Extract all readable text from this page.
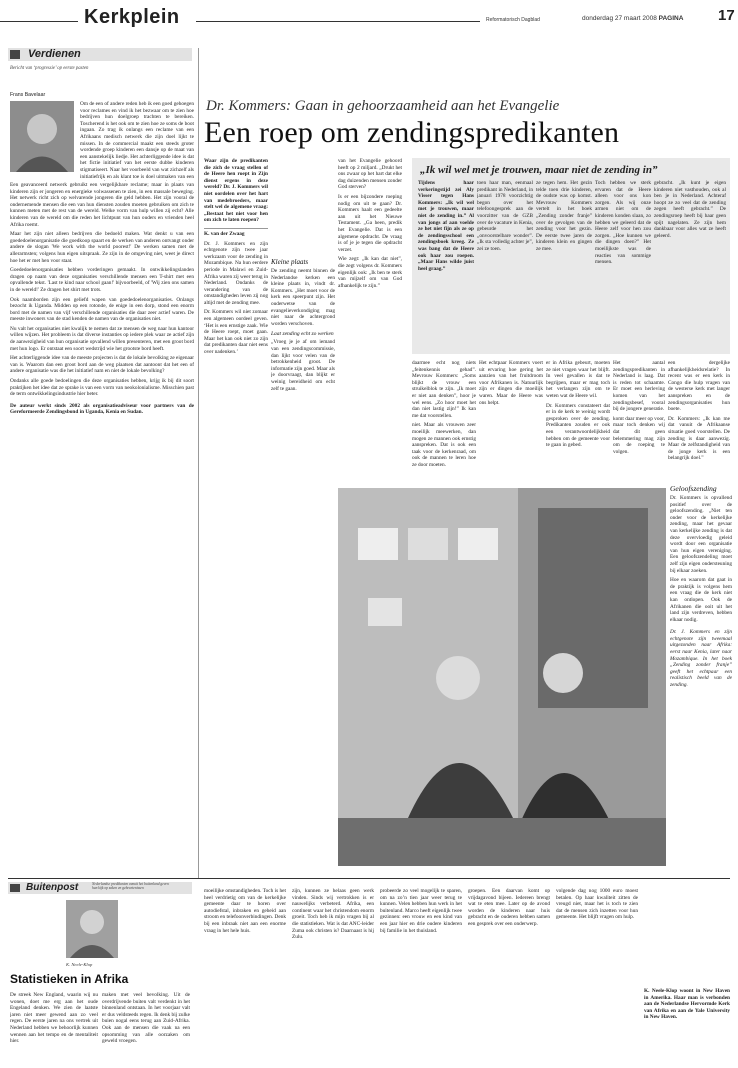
Kerkplein	Reformatorisch Dagblad	donderdag 27 maart 2008 PAGINA 17
Verdienen
Bericht van ‘progressie’ op eerste pasten
Frans Bavelaar

Om de een of andere reden heb ik een goed gehoegen voor reclames en vind ik het bezwaar om te zien hoe bedrijven hun doelgroep trachten te bereiken. Toscherend is het ook om te zien hoe ze soms de boot ingaan. Zo trag ik onlangs een reclame van een Afrikaans medisch netwerk die zijn doel lijkt te missen. In de commercial maakt een steeds groter wordende groep kinderen een dansje op de maat van een aanstekelijk liedje. Het achterliggende idee is dat het fictie initiatief van het eerste dubbe kinderen stigmatiseert. Naar het voorbeeld van wat zichzelf als initiatiefrijk en als klant toe is doel uitmaken van een

Een geavanceerd netwerk gebruikt een vergelijkbare reclame; maar in plaats van kinderen zijn er jongeren en energieke volwassenen te zien, in een massale beweging. Het netwerk richt zich op welvarende jongeren die geld hebben. Het zijn vooral de ondernemende mensen die een van hun diensten zouden moeten gebruiken om zich te kunnen meten met de rest van de wereld. Welke vorm van hulp willen zij echt? Alle kinderen van de wereld om die reden het lichtpunt van hun ouders en vrienden heel Afrika roemt.

Maar het zijn niet alleen bedrijven die bedoeld maken. Wat denkt u van een goededoelenorganisatie die goedkoop spaart en de werken van anderen ontvangt onder andere de slogan 'We work with the world poorest!' De werken samen met de allerarmsten; volgens hun eigen uitspraak. Ze zijn in de omgeving niet, weet je direct hoe het er met hen voor staat.

Goededoelenorganisaties hebben vorderingen gemaakt. In ontwikkelingslanden dragen op naam van deze organisaties verschillende mensen een T-shirt met een opvallende tekst. 'Last te kind naar school gaan!' bijvoorbeeld, of 'Wij zien ons samen in de wereld!' Ze dragen het shirt met trots.

Ook naamborden zijn een geliefd wapen van goededoelenorganisaties. Onlangs bezocht ik Uganda. Midden op een rotonde, de enige in een dorp, stond een enorm bord met de namen van vijf verschillende organisaties die daar zeer actief waren. De meeste inwoners van de stad kenden de namen van de organisaties niet.

Nu valt het organisaties niet kwalijk te nemen dat ze mensen de weg naar hun kantoor willen wijzen. Het probleem is dat diverse instanties op iedere plek waar ze actief zijn de aanwezigheid van hun organisatie opvallend willen presenteren, met een groot bord met hun logo. Er ontstaat een soort wedstrijd wie het grootste bord heeft.

Het achterliggende idee van de meeste projecten is dat de lokale bevolking ze eigenaar van is. Waarom dan een groot bord aan de weg plaatsen dat aantoont dat het een of andere organisatie was die het initiatief nam en niet de lokale bevolking?

Ondanks alle goede bedoelingen die deze organisaties hebben, krijg ik bij dit soort praktijken het idee dat ze sprake is van een vorm van neokolonialisme. Misschien past de term ontwikkelingsindustrie hier beter.

De auteur werkt sinds 2002 als organisatieadviseur voor partners van de Gereformeerde Zendingsbond in Uganda, Kenia en Sudan.

Dr. Kommers: Gaan in gehoorzaamheid aan het Evangelie
Een roep om zendingspredikanten

Waar zijn de predikanten die zich de vraag stellen of de Heere hen roept in Zijn dienst ergens in deze wereld? Dr. J. Kommers wil niet oordelen over het hart van medebroeders, maar stelt wel de algemene vraag: „Bestaat het niet voor hen om zich te laten roepen?

K. van der Zwaag

Dr. J. Kommers en zijn echtgenote zijn twee jaar werkzaam voor de zending in Mozambique. Na hun eerdere periode in Malawi en Zuid-Afrika waren zij weer terug in Nederland. Ondanks de verandering van de omstandigheden leven zij nog altijd met de zending mee.

Dr. Kommers wil niet zomaar een algemeen oordeel geven. ‘Het is een ernstige zaak. Wie de Heere roept, moet gaan. Maar het kan ook niet zo zijn dat predikanten daar niet eens over nadenken.’

Kleine plaats

De zending neemt binnen de Nederlandse kerken een kleine plaats in, vindt dr. Kommers. „Het moet voor de kerk een speerpunt zijn. Het ouderwetse van de evangelieverkondiging mag niet naar de achtergrond worden verschoven.

Laat zending echt zo werken

„Vroeg je je af om iemand van een zendingscommissie, dan lijkt voor velen van de betrokkenheid groot. De informatie zijn goed. Maar als je doorvraagt, dan blijkt er weinig bereidheid om echt zelf te gaan.

van het Evangelie gehoord heeft op 2 miljard. „Drukt het ons zwaar op het hart dat elke dag duizenden mensen zonder God sterven?

Is er een bijzondere roeping nodig om uit te gaan? Dr. Kommers haalt een gedeelte aan uit het Nieuwe Testament. „Ga heen, predik het Evangelie. Dat is een algemene opdracht. De vraag is of je je tegen die opdracht verzet.

Wie zegt: „Ik kan dat niet”, die zegt volgens dr. Kommers eigenlijk ook: „Ik ben te sterk van mijzelf om van God afhankelijk te zijn.”

„Ik wil wel met je trouwen, maar niet de zending in”

Tijdens haar verkeringstijd zei Aly Visser tegen Hans Kommers: „Ik wil wel met je trouwen, maar niet de zending in.” Al van jongs af aan voelde ze het niet fijn als ze op de zendingsschool een zendingsboek kreeg. Ze was bang dat de Heere ook haar zou roepen. „Maar Hans wilde juist heel graag.”

toen haar man, eenmaal predikant in Nederland, in januari 1978 voorzichtig begon over het telefoongesprek aan de voorzitter van de GZB over de vacature in Kenia, gebeurde het „onvoorstelbare wonder”. „Ik sta volledig achter je”, zei ze toen.

ze tegen hem. Het gezin telde toen drie kinderen, de oudste was op komst. Mevrouw Kommers vertelt in het boek „Zending zonder franje” over de gevolgen van de zending voor het gezin. De eerste twee jaren de kinderen klein en gingen ze mee.

Toch hebben we sterk ervaren dat de Heere alleen voor ons kon zorgen. Als wij onze armen niet om de kinderen konden slaan, zo hebben we geleerd dat de Heere zelf voor hen zou zorgen. „Hoe kunnen we die dingen doen?” Het moeilijkste was de reacties van sommige mensen.

gebracht. „Ik kunt je eigen kinderen niet vasthouden, ook al ben je in Nederland. Achteraf hoopt ze zo veel dat de zending zegen heeft gebracht.” De zendingsroep heeft bij haar geen spijt nagelaten. Ze zijn hem dankbaar voor alles wat ze heeft geleerd.

daarmee echt nog niets „feitenkennis gehad”. Mevrouw Kommers: „Soms blijkt de vrouw een struikelblok te zijn. „Ik moet er niet aan denken”, hoor je wel eens. „Zo hoor moet het dan niet lastig zijn!” Ik kan me dat voorstellen.

niet. Maar als vrouwen zeer moeilijk meewerken, dan mogen ze mannen ook ernstig aanspreken. Dat is ook een taak voor de kerkenraad, om ook de mannen te leren hoe ze door moeten.

Het echtpaar Kommers voert uit ervaring hoe gering het aanzien van het fruitdroom voor Afrikanen is. Natuurlijk zijn er dingen die moeilijk waren. Maar de Heere was ons helpt.

er in Afrika gebeurt, moeten ze niet vragen waar het blijft. In veel gevallen is dat te begrijpen, maar er mag toch het verlangen zijn om te weten wat de Heere wil.

Dr. Kommers constateert dat er in de kerk te weinig wordt gesproken over de zending. Predikanten zouden er ook een verantwoordelijkheid hebben om de gemeente voor te gaan in gebed.

Het aantal zendingspredikanten in Nederland is laag. Dat is reden tot schaamte. Er moet een herleving komen van het zendingsbesef, vooral bij de jongere generatie.

komt daar meer op voor, maar toch denken wij dat dit geen belemmering mag zijn om de roeping te volgen.

een dergelijke afhankelijkheidsrelatie? In recent was er een kerk in Congo die hulp vragen van de westerse kerk met langer aanspreken en de zendingsorganisaties hun boete.

Dr. Kommers: „Ik kan me dat vanuit de Afrikaanse situatie goed voorstellen. De zending is daar aanwezig. Maar de zelfstandigheid van de jonge kerk is een belangrijk doel.”

Geloofszending

Dr. Kommers is opvallend positief over de geloofszending. „Niet ten onder voor de kerkelijke zending, maar het gevaar van kerkelijke zending is dat deze overvloedig geleid wordt door een organisatie van hun eigen vereniging. Een geloofszendeling moet zelf zijn eigen ondersteuning bij elkaar zoeken.

Hoe en waarom dat gaat in de praktijk is volgens hem een vraag die de kerk niet kan ontlopen. Ook de Afrikanen die ooit uit het land zijn verdreven, hebben elkaar nodig.

Dr. J. Kommers en zijn echtgenote zijn tweemaal uitgezonden naar Afrika: eerst naar Kenia, later naar Mozambique. In het boek „Zending zonder franje” geeft het echtpaar een realistisch beeld van de zending.

Buitenpost	Nederlandse predikanten vanuit het buitenland geven hun kijk op zaken en gebeurtenissen
K. Neele-Klop
Statistieken in Afrika

De streek New England, waarin wij nu wonen, doet me erg aan het oude Engeland denken. We zien de laatste jaren niet meer gewend aan zo veel regen. De eerste jaren na ons vertrek uit Nederland hebben we behoorlijk kunnen wennen aan het tempo en de mentaliteit hier.

maken met veel bevolking. Uit de overdrijvende buiten valt verdenkt in het binnenland ontstaan. In het voorjaar valt er dus veldsteeds regen. Ik denk bij zulke buien nogal eens terug aan Zuid-Afrika. Ook aan de mensen die vaak na een opsomming van alle oorzaken om geweld vroegen.

moeilijke omstandigheden. Toch is het heel verdrietig om van de kerkelijke gemeente daar te horen over autodiefstal, inbraken en geheid aan stroom en telefoonverbindingen. Denk bij een inbraak niet aan een enorme vraag in het hele huis.

zijn, kunnen ze helaas geen werk vinden. Sinds wij vertrokken is er nauwelijks verbeterd. Afrika, een continent waar het christendom enorm groeit. Toch heb ik mijn vragen bij al die statistieken. Wat is dat ANC-leider Zuma ook christen is? Daarnaast is hij Zulu.

probeerde zo veel mogelijk te sparen, om na zo’n tien jaar weer terug te kunnen. Velen hebben hun werk in het buitenland. Marco heeft eigenlijk twee gezinnen: een vrouw en een kind van een jaar hier en drie oudere kinderen bij familie in het thuisland.

groepen. Een daarvan komt op vrijdagavond bijeen. Iedereen brengt wat te eten mee. Later op de avond worden de kinderen naar huis gebracht en de ouderen hebben samen een gesprek over een onderwerp.

volgende dag nog 1000 euro moest betalen. Op haar kwaliteit zitten de vreugd niet, maar het is toch te zien dat de mensen zich inzetten voor hun gemeente. Het blijft vragen om hulp.

K. Neele-Klop woont in New Haven in Amerika. Haar man is verbonden aan de Nederlandse Hervormde Kerk van Afrika en aan de Yale University in New Haven.
